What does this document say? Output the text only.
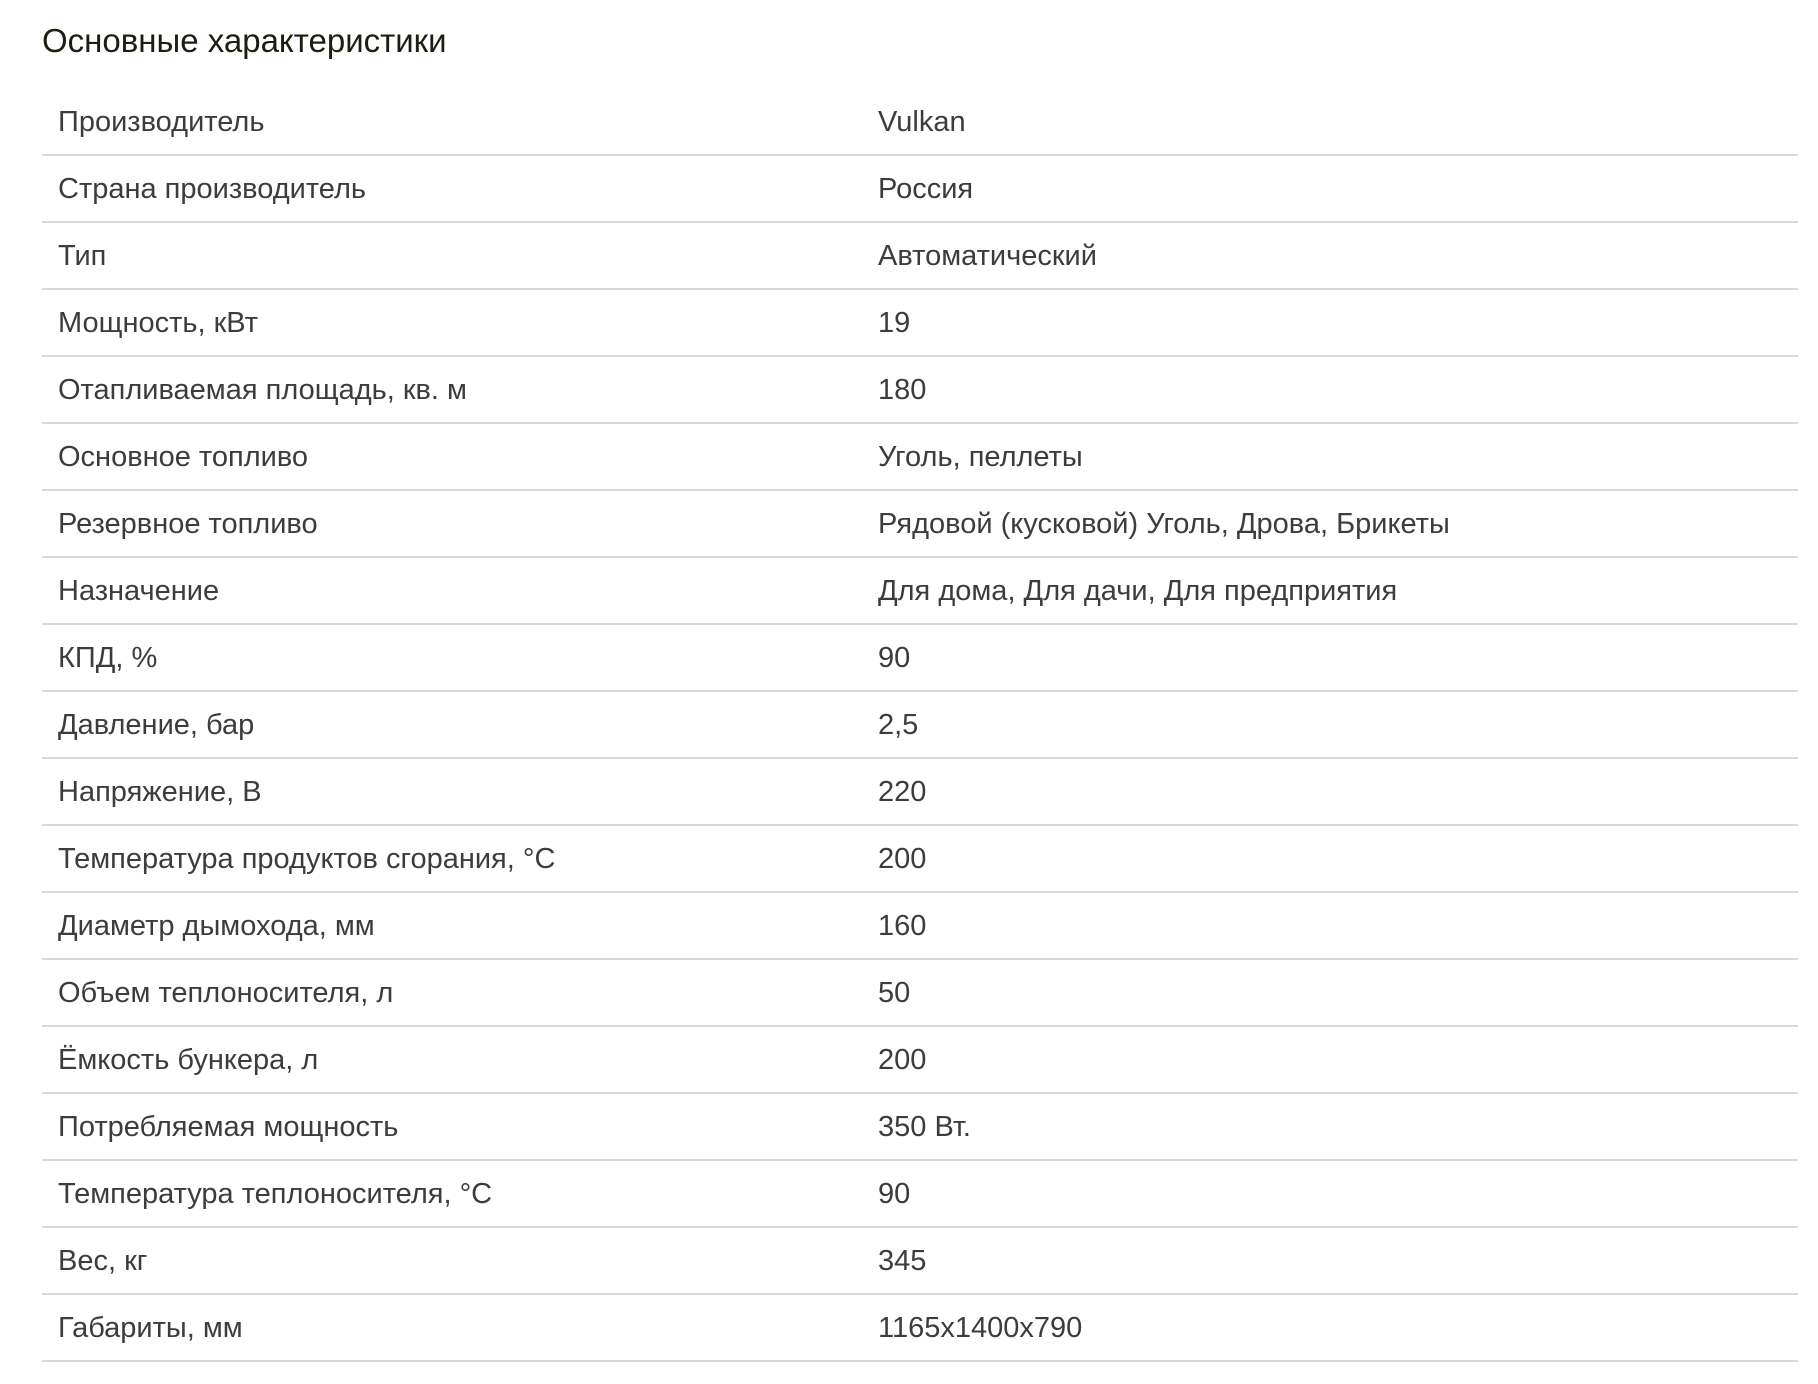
Основные характеристики
Производитель	Vulkan
Страна производитель	Россия
Тип	Автоматический
Мощность, кВт	19
Отапливаемая площадь, кв. м	180
Основное топливо	Уголь, пеллеты
Резервное топливо	Рядовой (кусковой) Уголь, Дрова, Брикеты
Назначение	Для дома, Для дачи, Для предприятия
КПД, %	90
Давление, бар	2,5
Напряжение, В	220
Температура продуктов сгорания, °С	200
Диаметр дымохода, мм	160
Объем теплоносителя, л	50
Ёмкость бункера, л	200
Потребляемая мощность	350 Вт.
Температура теплоносителя, °С	90
Вес, кг	345
Габариты, мм	1165x1400x790
